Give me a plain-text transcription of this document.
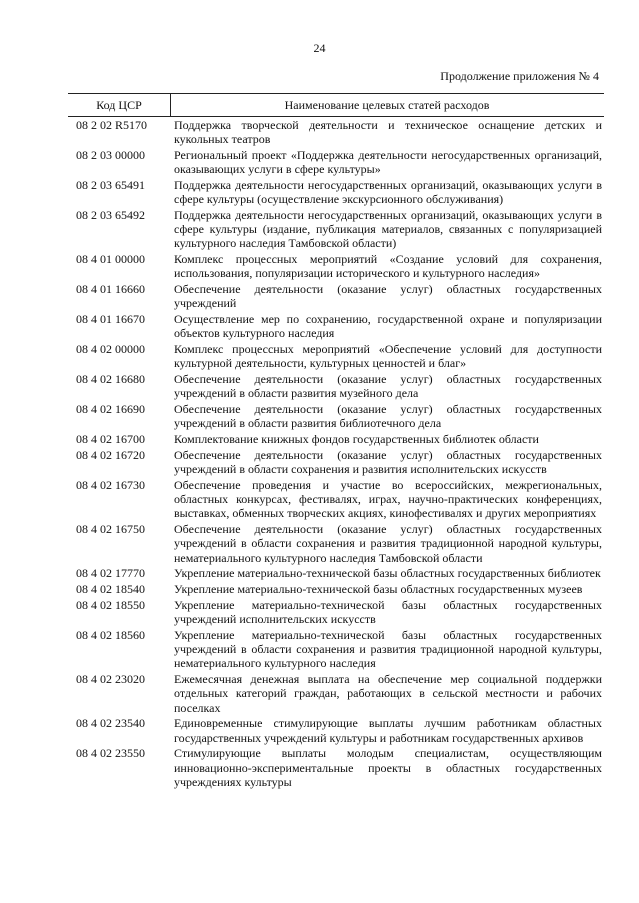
24
Продолжение приложения № 4
Код ЦСР	Наименование целевых статей расходов
08 2 02 R5170	Поддержка творческой деятельности и техническое оснащение детских и кукольных театров
08 2 03 00000	Региональный проект «Поддержка деятельности негосударственных организаций, оказывающих услуги в сфере культуры»
08 2 03 65491	Поддержка деятельности негосударственных организаций, оказывающих услуги в сфере культуры (осуществление экскурсионного обслуживания)
08 2 03 65492	Поддержка деятельности негосударственных организаций, оказывающих услуги в сфере культуры (издание, публикация материалов, связанных с популяризацией культурного наследия Тамбовской области)
08 4 01 00000	Комплекс процессных мероприятий «Создание условий для сохранения, использования, популяризации исторического и культурного наследия»
08 4 01 16660	Обеспечение деятельности (оказание услуг) областных государственных учреждений
08 4 01 16670	Осуществление мер по сохранению, государственной охране и популяризации объектов культурного наследия
08 4 02 00000	Комплекс процессных мероприятий «Обеспечение условий для доступности культурной деятельности, культурных ценностей и благ»
08 4 02 16680	Обеспечение деятельности (оказание услуг) областных государственных учреждений в области развития музейного дела
08 4 02 16690	Обеспечение деятельности (оказание услуг) областных государственных учреждений в области развития библиотечного дела
08 4 02 16700	Комплектование книжных фондов государственных библиотек области
08 4 02 16720	Обеспечение деятельности (оказание услуг) областных государственных учреждений в области сохранения и развития исполнительских искусств
08 4 02 16730	Обеспечение проведения и участие во всероссийских, межрегиональных, областных конкурсах, фестивалях, играх, научно-практических конференциях, выставках, обменных творческих акциях, кинофестивалях и других мероприятиях
08 4 02 16750	Обеспечение деятельности (оказание услуг) областных государственных учреждений в области сохранения и развития традиционной народной культуры, нематериального культурного наследия Тамбовской области
08 4 02 17770	Укрепление материально-технической базы областных государственных библиотек
08 4 02 18540	Укрепление материально-технической базы областных государственных музеев
08 4 02 18550	Укрепление материально-технической базы областных государственных учреждений исполнительских искусств
08 4 02 18560	Укрепление материально-технической базы областных государственных учреждений в области сохранения и развития традиционной народной культуры, нематериального культурного наследия
08 4 02 23020	Ежемесячная денежная выплата на обеспечение мер социальной поддержки отдельных категорий граждан, работающих в сельской местности и рабочих поселках
08 4 02 23540	Единовременные стимулирующие выплаты лучшим работникам областных государственных учреждений культуры и работникам государственных архивов
08 4 02 23550	Стимулирующие выплаты молодым специалистам, осуществляющим инновационно-экспериментальные проекты в областных государственных учреждениях культуры
